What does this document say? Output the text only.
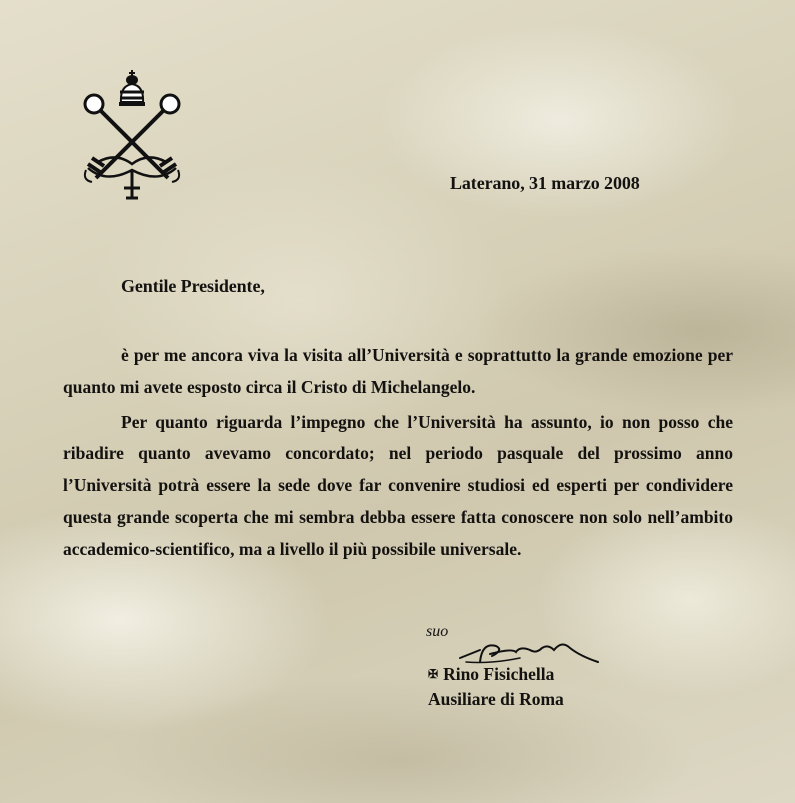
Laterano, 31 marzo 2008
Gentile Presidente,

è per me ancora viva la visita all’Università e soprattutto la grande emozione per quanto mi avete esposto circa il Cristo di Michelangelo.

Per quanto riguarda l’impegno che l’Università ha assunto, io non posso che ribadire quanto avevamo concordato; nel periodo pasquale del prossimo anno l’Università potrà essere la sede dove far convenire studiosi ed esperti per condividere questa grande scoperta che mi sembra debba essere fatta conoscere non solo nell’ambito accademico-scientifico, ma a livello il più possibile universale.

suo
✠ Rino Fisichella
Ausiliare di Roma
